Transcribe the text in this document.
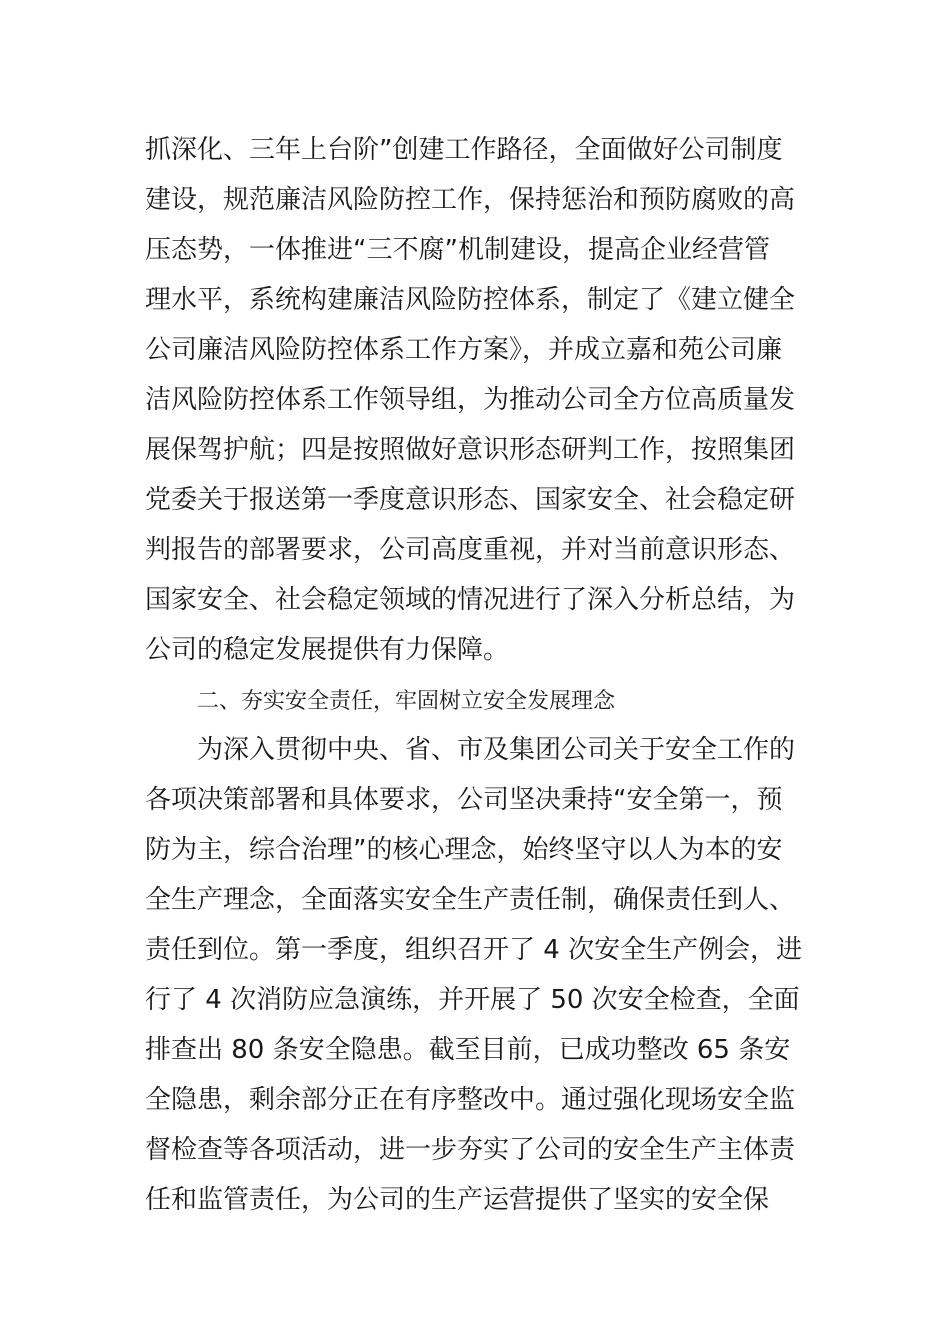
抓深化、三年上台阶”创建工作路径，全面做好公司制度
建设，规范廉洁风险防控工作，保持惩治和预防腐败的高
压态势，一体推进“三不腐”机制建设，提高企业经营管
理水平，系统构建廉洁风险防控体系，制定了《建立健全
公司廉洁风险防控体系工作方案》，并成立嘉和苑公司廉
洁风险防控体系工作领导组，为推动公司全方位高质量发
展保驾护航；四是按照做好意识形态研判工作，按照集团
党委关于报送第一季度意识形态、国家安全、社会稳定研
判报告的部署要求，公司高度重视，并对当前意识形态、
国家安全、社会稳定领域的情况进行了深入分析总结，为
公司的稳定发展提供有力保障。
二、夯实安全责任，牢固树立安全发展理念
为深入贯彻中央、省、市及集团公司关于安全工作的
各项决策部署和具体要求，公司坚决秉持“安全第一，预
防为主，综合治理”的核心理念，始终坚守以人为本的安
全生产理念，全面落实安全生产责任制，确保责任到人、
责任到位。第一季度，组织召开了 4 次安全生产例会，进
行了 4 次消防应急演练，并开展了 50 次安全检查，全面
排查出 80 条安全隐患。截至目前，已成功整改 65 条安
全隐患，剩余部分正在有序整改中。通过强化现场安全监
督检查等各项活动，进一步夯实了公司的安全生产主体责
任和监管责任，为公司的生产运营提供了坚实的安全保
